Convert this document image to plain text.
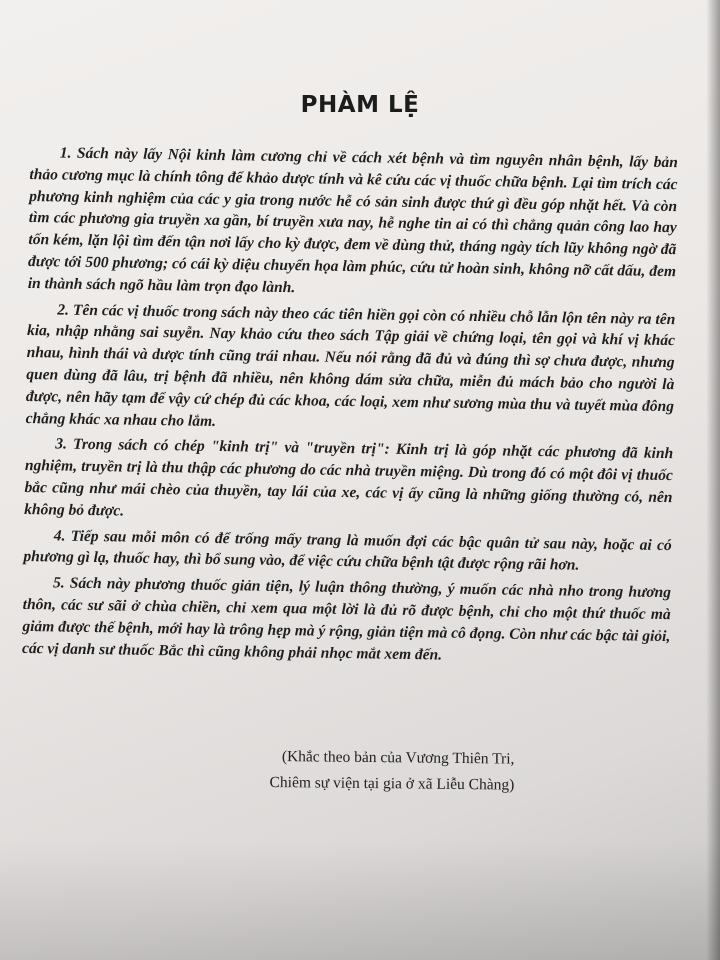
PHÀM LỆ

1. Sách này lấy Nội kinh làm cương chỉ về cách xét bệnh và tìm nguyên nhân bệnh, lấy bản thảo cương mục là chính tông để khảo dược tính và kê cứu các vị thuốc chữa bệnh. Lại tìm trích các phương kinh nghiệm của các y gia trong nước hễ có sản sinh được thứ gì đều góp nhặt hết. Và còn tìm các phương gia truyền xa gần, bí truyền xưa nay, hễ nghe tin ai có thì chẳng quản công lao hay tốn kém, lặn lội tìm đến tận nơi lấy cho kỳ được, đem về dùng thử, tháng ngày tích lũy không ngờ đã được tới 500 phương; có cái kỳ diệu chuyển họa làm phúc, cứu tử hoàn sinh, không nỡ cất dấu, đem in thành sách ngõ hầu làm trọn đạo lành.

2. Tên các vị thuốc trong sách này theo các tiên hiền gọi còn có nhiều chỗ lẫn lộn tên này ra tên kia, nhập nhằng sai suyễn. Nay khảo cứu theo sách Tập giải về chứng loại, tên gọi và khí vị khác nhau, hình thái và dược tính cũng trái nhau. Nếu nói rằng đã đủ và đúng thì sợ chưa được, nhưng quen dùng đã lâu, trị bệnh đã nhiều, nên không dám sửa chữa, miễn đủ mách bảo cho người là được, nên hãy tạm để vậy cứ chép đủ các khoa, các loại, xem như sương mùa thu và tuyết mùa đông chẳng khác xa nhau cho lắm.

3. Trong sách có chép "kinh trị" và "truyền trị": Kinh trị là góp nhặt các phương đã kinh nghiệm, truyền trị là thu thập các phương do các nhà truyền miệng. Dù trong đó có một đôi vị thuốc bắc cũng như mái chèo của thuyền, tay lái của xe, các vị ấy cũng là những giống thường có, nên không bỏ được.

4. Tiếp sau mỗi môn có để trống mấy trang là muốn đợi các bậc quân tử sau này, hoặc ai có phương gì lạ, thuốc hay, thì bổ sung vào, để việc cứu chữa bệnh tật được rộng rãi hơn.

5. Sách này phương thuốc giản tiện, lý luận thông thường, ý muốn các nhà nho trong hương thôn, các sư sãi ở chùa chiền, chỉ xem qua một lời là đủ rõ được bệnh, chỉ cho một thứ thuốc mà giảm được thế bệnh, mới hay là trông hẹp mà ý rộng, giản tiện mà cô đọng. Còn như các bậc tài giỏi, các vị danh sư thuốc Bắc thì cũng không phải nhọc mắt xem đến.

(Khắc theo bản của Vương Thiên Tri,
Chiêm sự viện tại gia ở xã Liễu Chàng)
